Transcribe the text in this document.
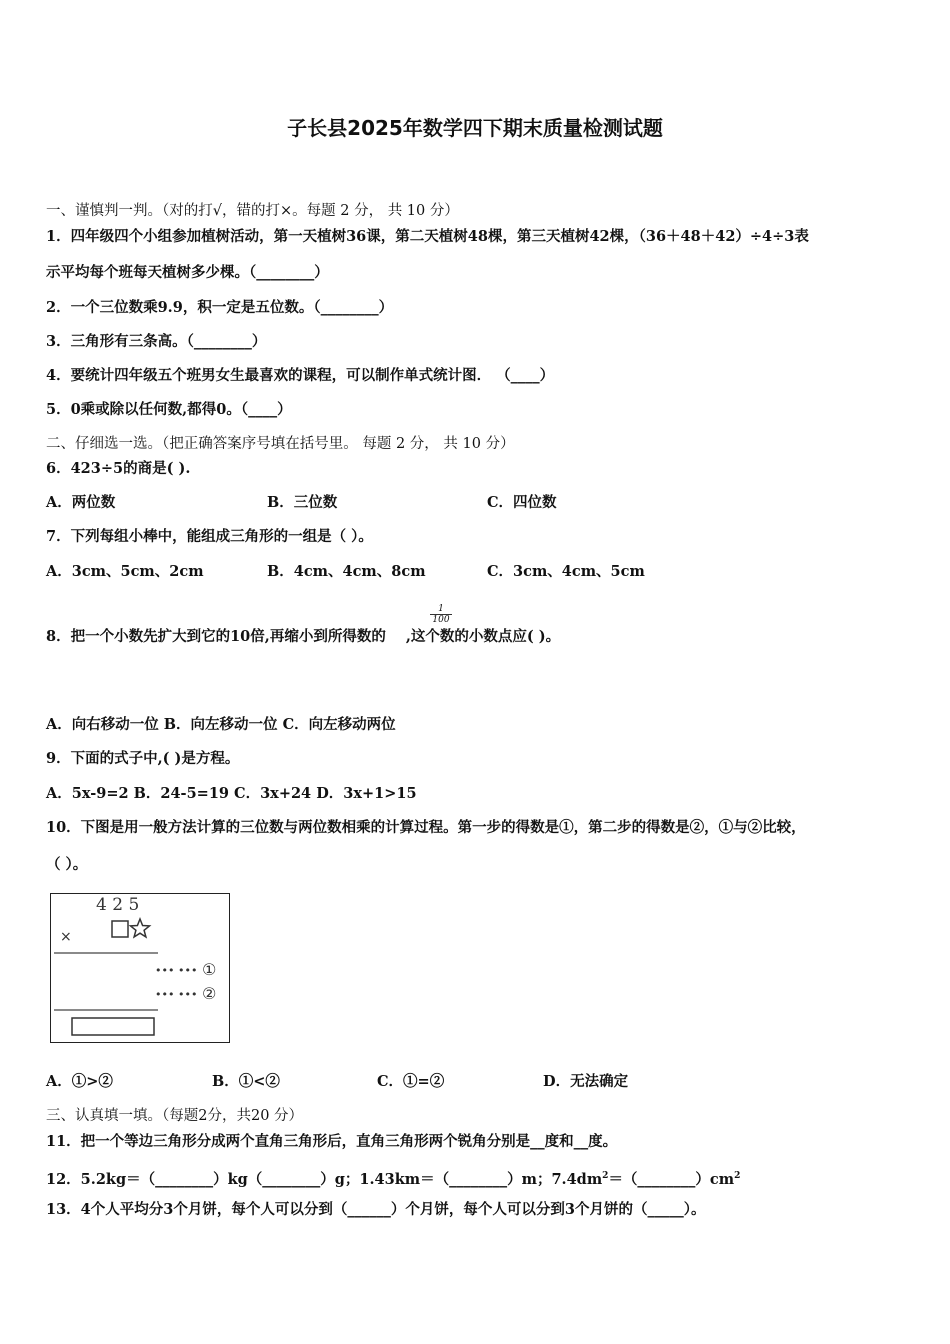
子长县2025年数学四下期末质量检测试题
一、谨慎判一判。（对的打√，错的打×。每题 2 分， 共 10 分）
1．四年级四个小组参加植树活动，第一天植树36课，第二天植树48棵，第三天植树42棵，（36＋48＋42）÷4÷3表
示平均每个班每天植树多少棵。（________）
2．一个三位数乘9.9，积一定是五位数。（________）
3．三角形有三条高。（________）
4．要统计四年级五个班男女生最喜欢的课程，可以制作单式统计图． （____）
5．0乘或除以任何数,都得0。（____）
二、仔细选一选。（把正确答案序号填在括号里。 每题 2 分， 共 10 分）
6．423÷5的商是( ).
A．两位数	B．三位数	C．四位数
7．下列每组小棒中，能组成三角形的一组是（ ）。
A．3cm、5cm、2cm	B．4cm、4cm、8cm	C．3cm、4cm、5cm
8．把一个小数先扩大到它的10倍,再缩小到所得数的 ,这个数的小数点应( )。
$\frac{1}{100}$
A．向右移动一位 B．向左移动一位 C．向左移动两位
9．下面的式子中,( )是方程。
A．5x-9=2 B．24-5=19 C．3x+24 D．3x+1>15
10．下图是用一般方法计算的三位数与两位数相乘的计算过程。第一步的得数是①，第二步的得数是②，①与②比较，
（ ）。
4 2 5
×
••• ••• ①
••• ••• ②
A．①>②	B．①<②	C．①=②	D．无法确定
三、认真填一填。（每题2分，共20 分）
11．把一个等边三角形分成两个直角三角形后，直角三角形两个锐角分别是__度和__度。
12．5.2kg＝（________）kg（________）g；1.43km＝（________）m；$7.4dm^2=(\_\_\_\_\_\_\_\_)cm^2$
13．4个人平均分3个月饼，每个人可以分到（______）个月饼，每个人可以分到3个月饼的（_____）。
